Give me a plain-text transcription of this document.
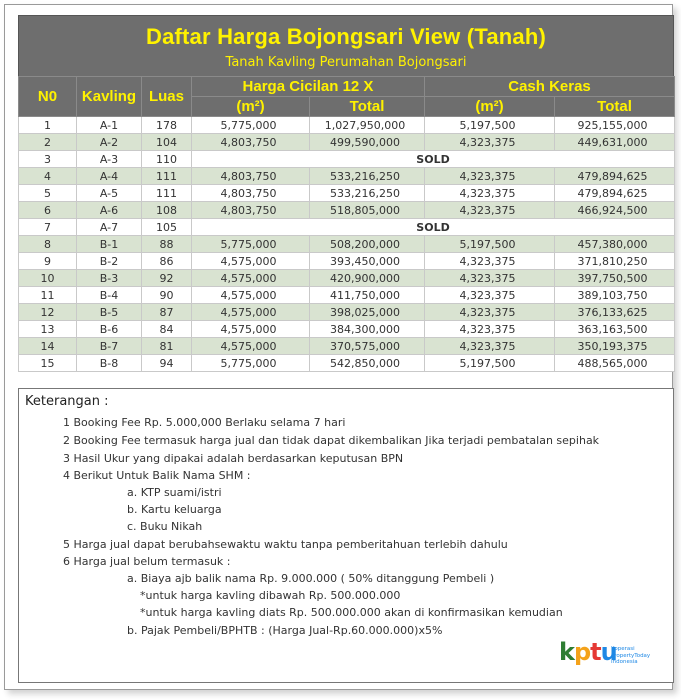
Daftar Harga Bojongsari View (Tanah)
Tanah Kavling Perumahan Bojongsari
N0	Kavling	Luas	Harga Cicilan 12 X		Cash Keras	
			(m²)	Total	(m²)	Total
1	A-1	178	5,775,000	1,027,950,000	5,197,500	925,155,000
2	A-2	104	4,803,750	499,590,000	4,323,375	449,631,000
3	A-3	110	SOLD			
4	A-4	111	4,803,750	533,216,250	4,323,375	479,894,625
5	A-5	111	4,803,750	533,216,250	4,323,375	479,894,625
6	A-6	108	4,803,750	518,805,000	4,323,375	466,924,500
7	A-7	105	SOLD			
8	B-1	88	5,775,000	508,200,000	5,197,500	457,380,000
9	B-2	86	4,575,000	393,450,000	4,323,375	371,810,250
10	B-3	92	4,575,000	420,900,000	4,323,375	397,750,500
11	B-4	90	4,575,000	411,750,000	4,323,375	389,103,750
12	B-5	87	4,575,000	398,025,000	4,323,375	376,133,625
13	B-6	84	4,575,000	384,300,000	4,323,375	363,163,500
14	B-7	81	4,575,000	370,575,000	4,323,375	350,193,375
15	B-8	94	5,775,000	542,850,000	5,197,500	488,565,000
Keterangan :
1 Booking Fee Rp. 5.000,000 Berlaku selama 7 hari
2 Booking Fee termasuk harga jual dan tidak dapat dikembalikan Jika terjadi pembatalan sepihak
3 Hasil Ukur yang dipakai adalah berdasarkan keputusan BPN
4 Berikut Untuk Balik Nama SHM :
a. KTP suami/istri
b. Kartu keluarga
c. Buku Nikah
5 Harga jual dapat berubahsewaktu waktu tanpa pemberitahuan terlebih dahulu
6 Harga jual belum termasuk :
a. Biaya ajb balik nama Rp. 9.000.000 ( 50% ditanggung Pembeli )
*untuk harga kavling dibawah Rp. 500.000.000
*untuk harga kavling diats Rp. 500.000.000 akan di konfirmasikan kemudian
b. Pajak Pembeli/BPHTB : (Harga Jual-Rp.60.000.000)x5%
kptu
Koperasi
PropertyToday
Indonesia
